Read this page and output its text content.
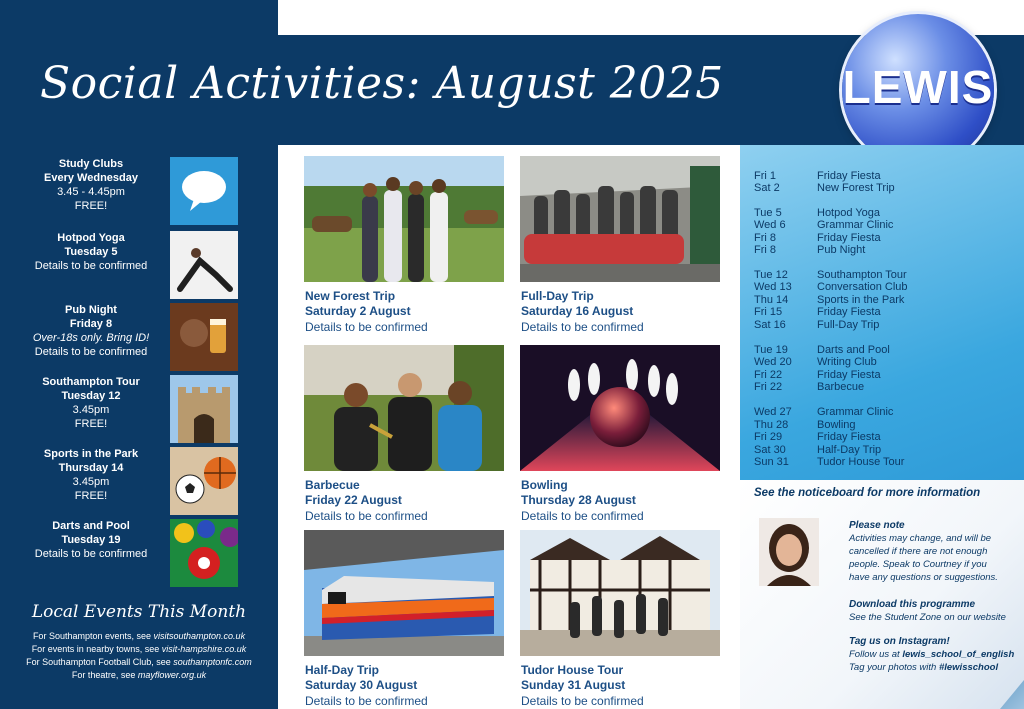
Social Activities: August 2025	LEWIS
Study Clubs
Every Wednesday
3.45 - 4.45pm
FREE!
Hotpod Yoga
Tuesday 5
Details to be confirmed
Pub Night
Friday 8
Over-18s only. Bring ID!
Details to be confirmed
Southampton Tour
Tuesday 12
3.45pm
FREE!
Sports in the Park
Thursday 14
3.45pm
FREE!
Darts and Pool
Tuesday 19
Details to be confirmed
Local Events This Month
For Southampton events, see visitsouthampton.co.uk
For events in nearby towns, see visit-hampshire.co.uk
For Southampton Football Club, see southamptonfc.com
For theatre, see mayflower.org.uk
New Forest Trip
Saturday 2 August
Details to be confirmed
Full-Day Trip
Saturday 16 August
Details to be confirmed
Barbecue
Friday 22 August
Details to be confirmed
Bowling
Thursday 28 August
Details to be confirmed
Half-Day Trip
Saturday 30 August
Details to be confirmed
Tudor House Tour
Sunday 31 August
Details to be confirmed
Fri 1	Friday Fiesta
Sat 2	New Forest Trip
Tue 5	Hotpod Yoga
Wed 6	Grammar Clinic
Fri 8	Friday Fiesta
Fri 8	Pub Night
Tue 12	Southampton Tour
Wed 13 Conversation Club
Thu 14	Sports in the Park
Fri 15	Friday Fiesta
Sat 16	Full-Day Trip
Tue 19	Darts and Pool
Wed 20 Writing Club
Fri 22	Friday Fiesta
Fri 22	Barbecue
Wed 27 Grammar Clinic
Thu 28	Bowling
Fri 29	Friday Fiesta
Sat 30	Half-Day Trip
Sun 31	Tudor House Tour
See the noticeboard for more information
Please note
Activities may change, and will be
cancelled if there are not enough
people. Speak to Courtney if you
have any questions or suggestions.
Download this programme
See the Student Zone on our website
Tag us on Instagram!
Follow us at lewis_school_of_english
Tag your photos with #lewisschool
